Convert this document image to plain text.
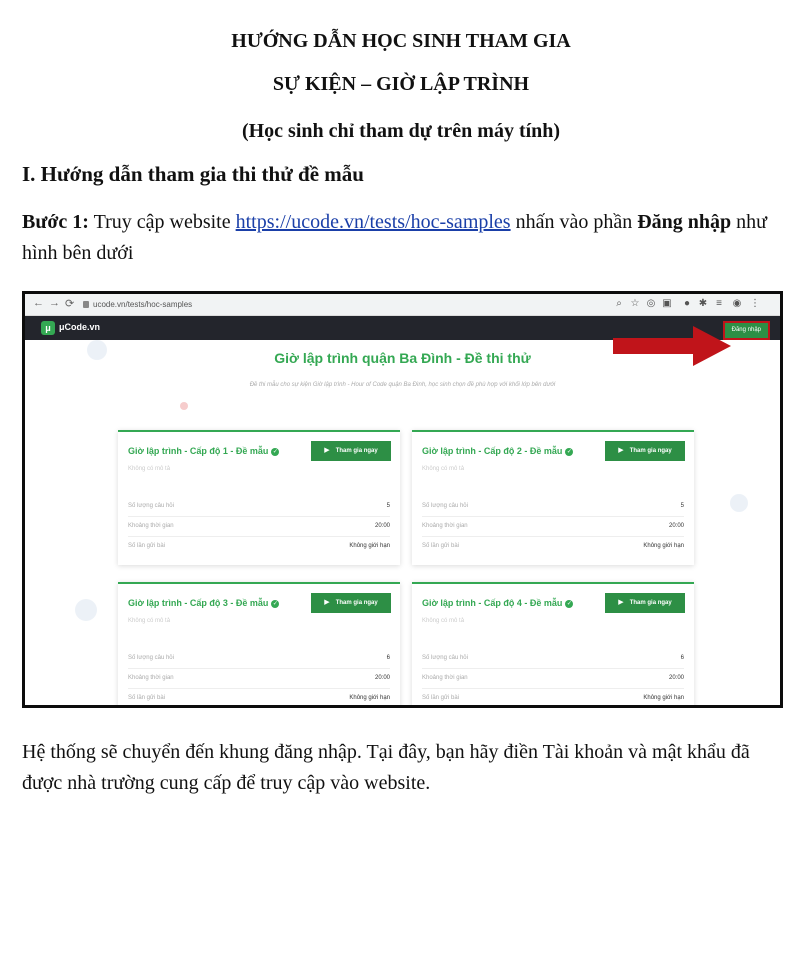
HƯỚNG DẪN HỌC SINH THAM GIA

SỰ KIỆN – GIỜ LẬP TRÌNH

(Học sinh chỉ tham dự trên máy tính)

I. Hướng dẫn tham gia thi thử đề mẫu

Bước 1: Truy cập website https://ucode.vn/tests/hoc-samples nhấn vào phần Đăng nhập như hình bên dưới

← → ⟳	ucode.vn/tests/hoc-samples	⌕ ☆ ◎ ▣ ● ✱ ≡	◉ ⋮
μ μCode.vn	Đăng nhập
Giờ lập trình quận Ba Đình - Đề thi thử
Đề thi mẫu cho sự kiện Giờ lập trình - Hour of Code quận Ba Đình, học sinh chọn đề phù hợp với khối lớp bên dưới
Giờ lập trình - Cấp độ 1 - Đề mẫu ✓
Không có mô tả
▶ Tham gia ngay
Số lượng câu hỏi	5
Khoảng thời gian	20:00
Số lần gửi bài	Không giới hạn
Giờ lập trình - Cấp độ 2 - Đề mẫu ✓
Không có mô tả
▶ Tham gia ngay
Số lượng câu hỏi	5
Khoảng thời gian	20:00
Số lần gửi bài	Không giới hạn
Giờ lập trình - Cấp độ 3 - Đề mẫu ✓
Không có mô tả
▶ Tham gia ngay
Số lượng câu hỏi	6
Khoảng thời gian	20:00
Số lần gửi bài	Không giới hạn
Giờ lập trình - Cấp độ 4 - Đề mẫu ✓
Không có mô tả
▶ Tham gia ngay
Số lượng câu hỏi	6
Khoảng thời gian	20:00
Số lần gửi bài	Không giới hạn

Hệ thống sẽ chuyển đến khung đăng nhập. Tại đây, bạn hãy điền Tài khoản và mật khẩu đã được nhà trường cung cấp để truy cập vào website.
